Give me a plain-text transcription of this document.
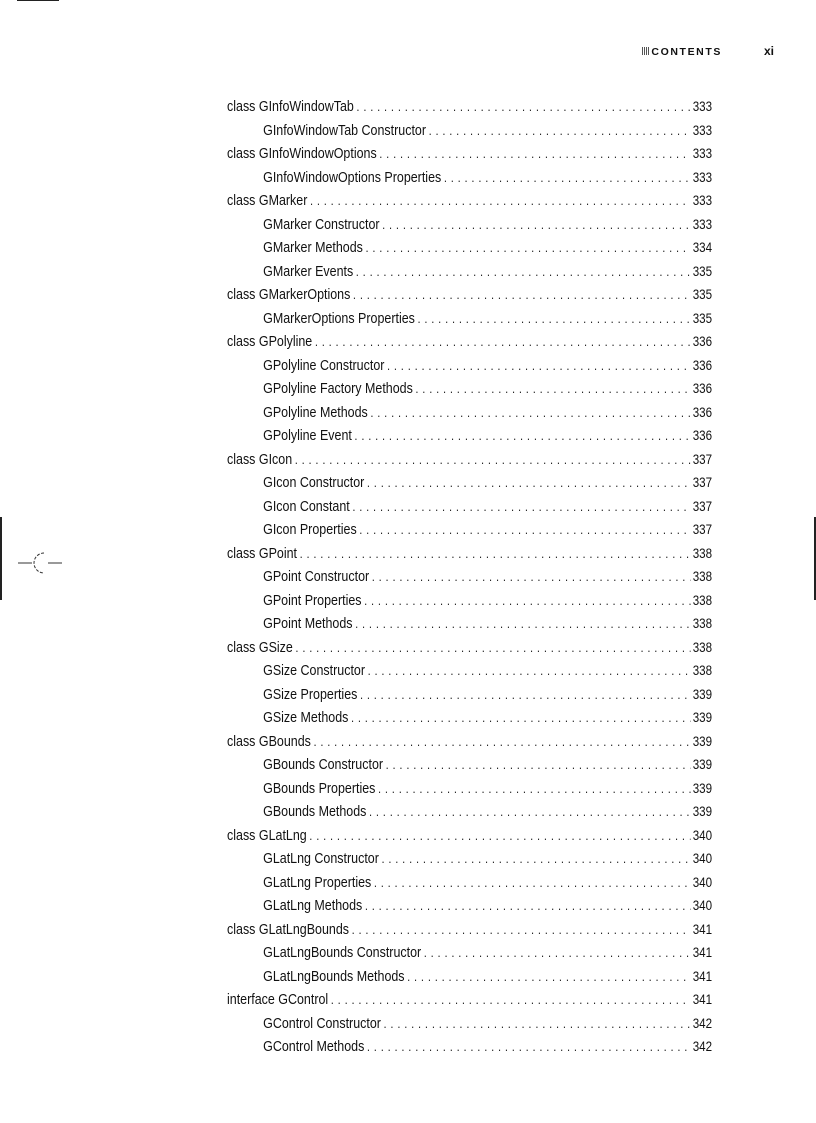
CONTENTS	xi
class GInfoWindowTab . . .	333
GInfoWindowTab Constructor . . .	333
class GInfoWindowOptions . . .	333
GInfoWindowOptions Properties . . .	333
class GMarker . . .	333
GMarker Constructor . . .	333
GMarker Methods . . .	334
GMarker Events . . .	335
class GMarkerOptions . . .	335
GMarkerOptions Properties . . .	335
class GPolyline . . .	336
GPolyline Constructor . . .	336
GPolyline Factory Methods . . .	336
GPolyline Methods . . .	336
GPolyline Event . . .	336
class GIcon . . .	337
GIcon Constructor . . .	337
GIcon Constant . . .	337
GIcon Properties . . .	337
class GPoint . . .	338
GPoint Constructor . . .	338
GPoint Properties . . .	338
GPoint Methods . . .	338
class GSize . . .	338
GSize Constructor . . .	338
GSize Properties . . .	339
GSize Methods . . .	339
class GBounds . . .	339
GBounds Constructor . . .	339
GBounds Properties . . .	339
GBounds Methods . . .	339
class GLatLng . . .	340
GLatLng Constructor . . .	340
GLatLng Properties . . .	340
GLatLng Methods . . .	340
class GLatLngBounds . . .	341
GLatLngBounds Constructor . . .	341
GLatLngBounds Methods . . .	341
interface GControl . . .	341
GControl Constructor . . .	342
GControl Methods . . .	342
